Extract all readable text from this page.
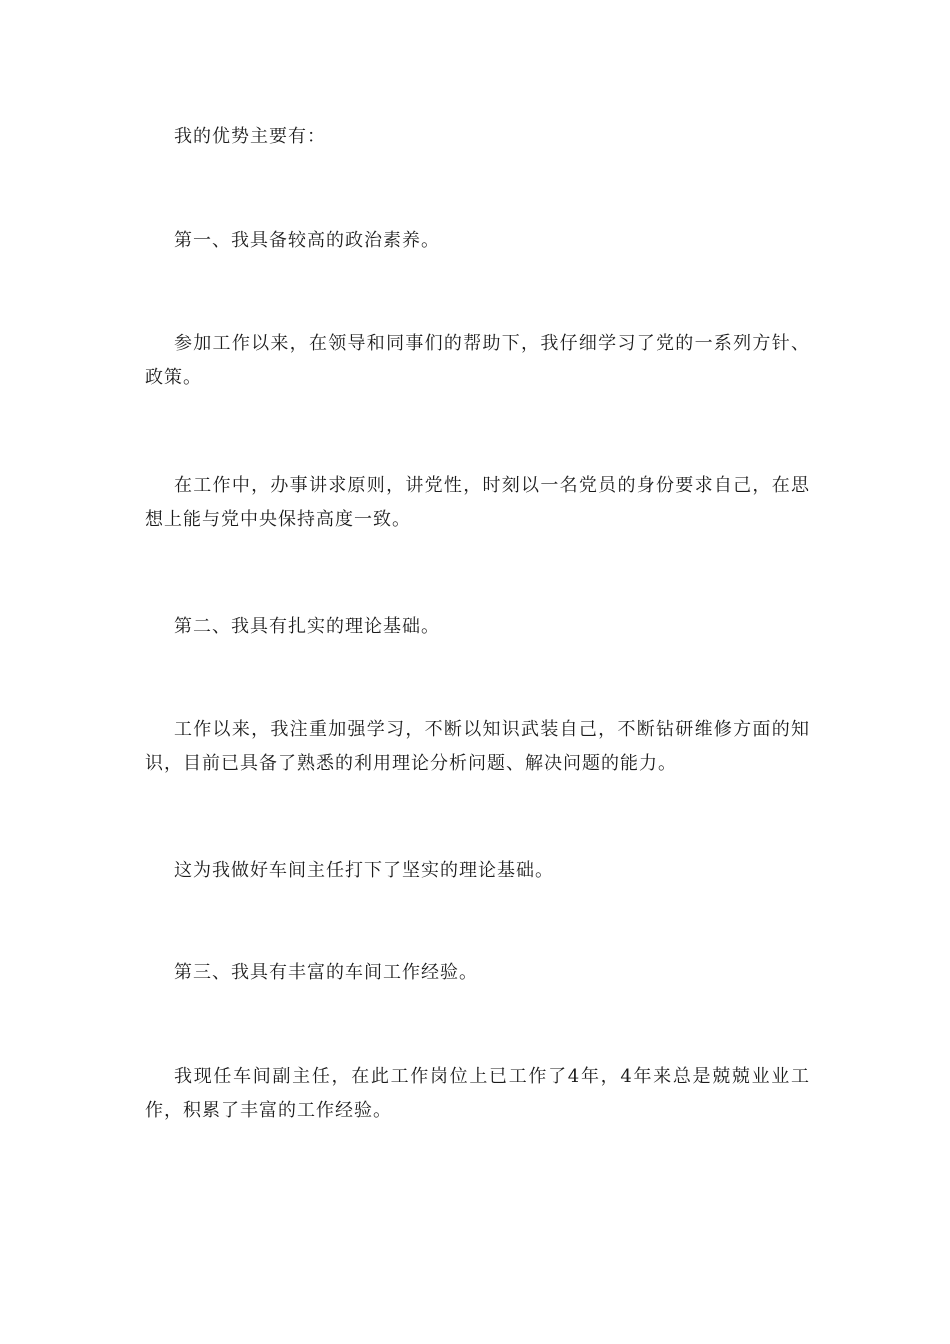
我的优势主要有：

第一、我具备较高的政治素养。

参加工作以来，在领导和同事们的帮助下，我仔细学习了党的一系列方针、政策。

在工作中，办事讲求原则，讲党性，时刻以一名党员的身份要求自己，在思想上能与党中央保持高度一致。

第二、我具有扎实的理论基础。

工作以来，我注重加强学习，不断以知识武装自己，不断钻研维修方面的知识，目前已具备了熟悉的利用理论分析问题、解决问题的能力。

这为我做好车间主任打下了坚实的理论基础。

第三、我具有丰富的车间工作经验。

我现任车间副主任，在此工作岗位上已工作了4年，4年来总是兢兢业业工作，积累了丰富的工作经验。
